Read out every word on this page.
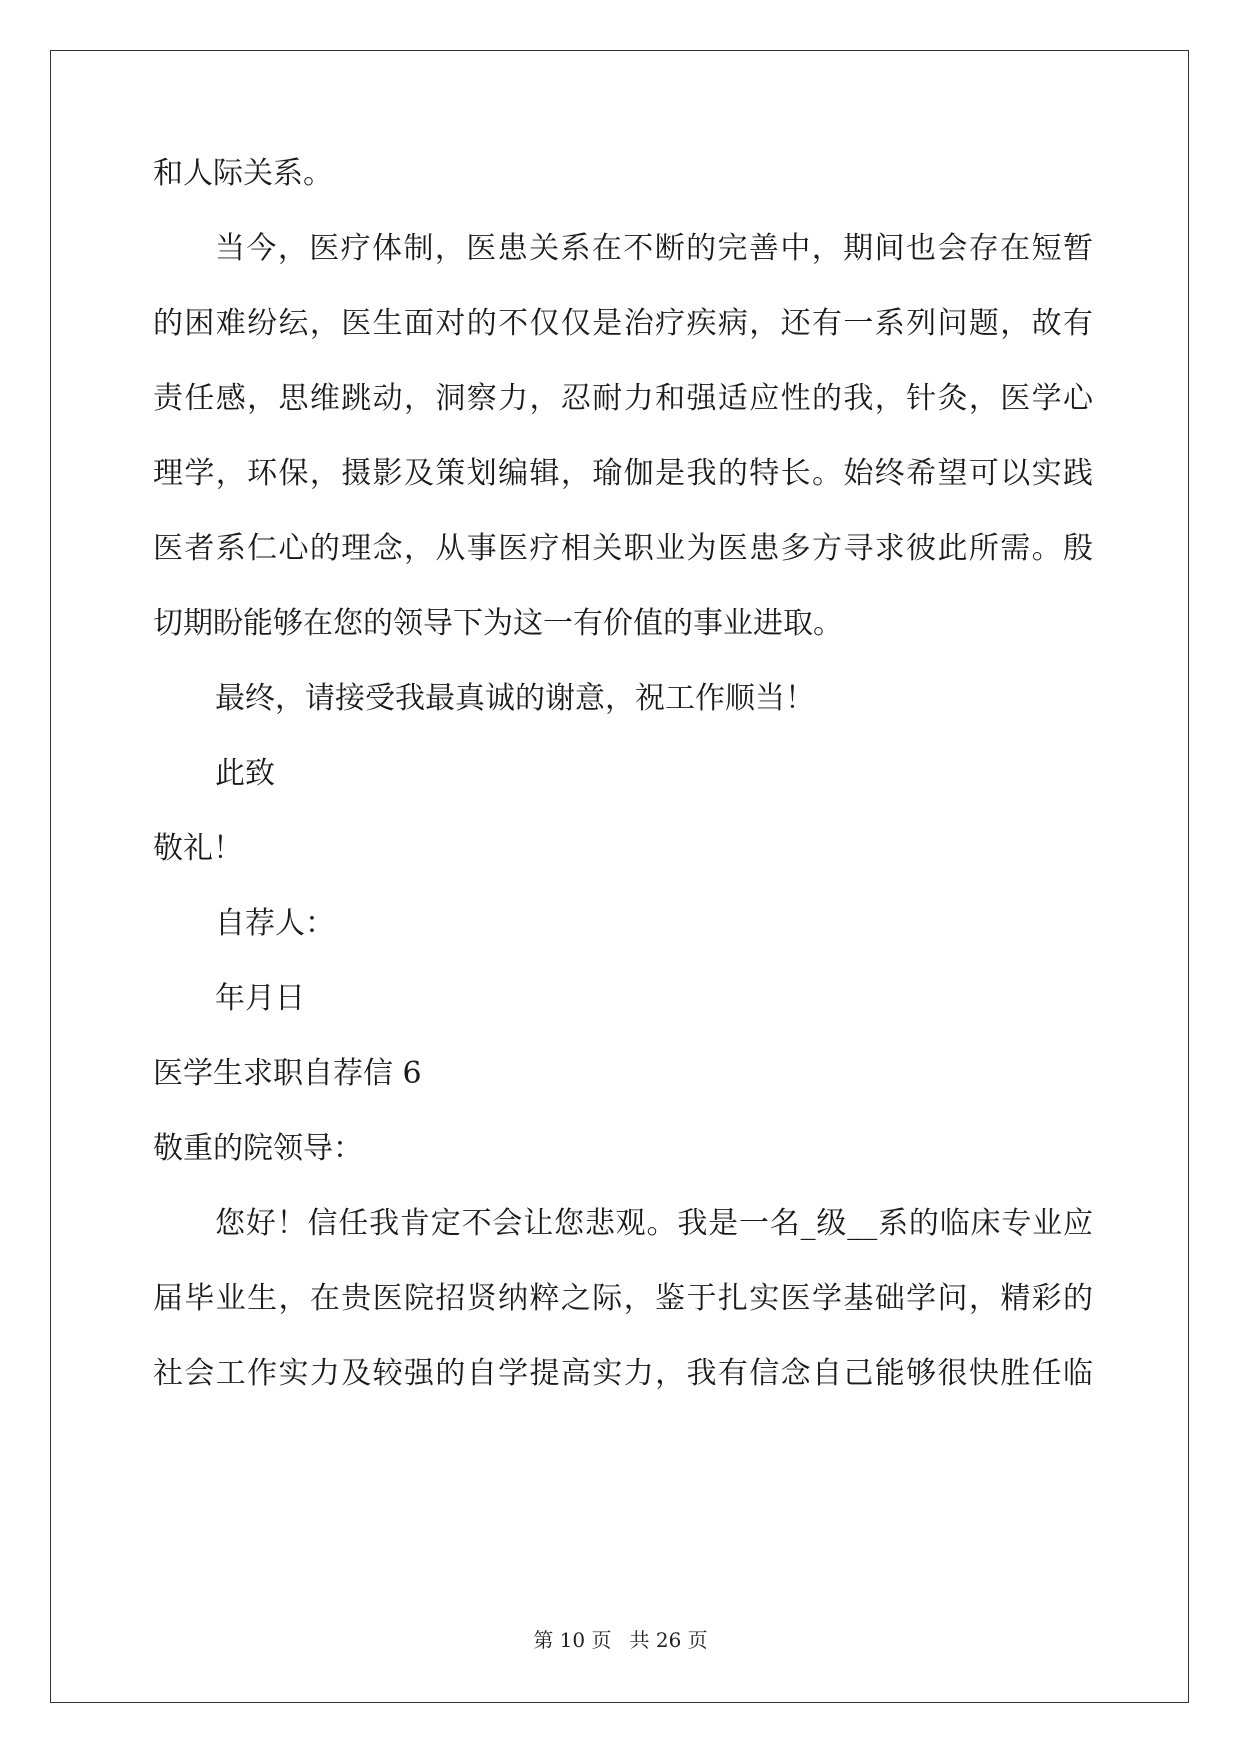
和人际关系。
当今，医疗体制，医患关系在不断的完善中，期间也会存在短暂
的困难纷纭，医生面对的不仅仅是治疗疾病，还有一系列问题，故有
责任感，思维跳动，洞察力，忍耐力和强适应性的我，针灸，医学心
理学，环保，摄影及策划编辑，瑜伽是我的特长。始终希望可以实践
医者系仁心的理念，从事医疗相关职业为医患多方寻求彼此所需。殷
切期盼能够在您的领导下为这一有价值的事业进取。
最终，请接受我最真诚的谢意，祝工作顺当！
此致
敬礼！
自荐人：
年月日
医学生求职自荐信 6
敬重的院领导：
您好！信任我肯定不会让您悲观。我是一名_级__系的临床专业应
届毕业生，在贵医院招贤纳粹之际，鉴于扎实医学基础学问，精彩的
社会工作实力及较强的自学提高实力，我有信念自己能够很快胜任临
第 10 页 共 26 页
